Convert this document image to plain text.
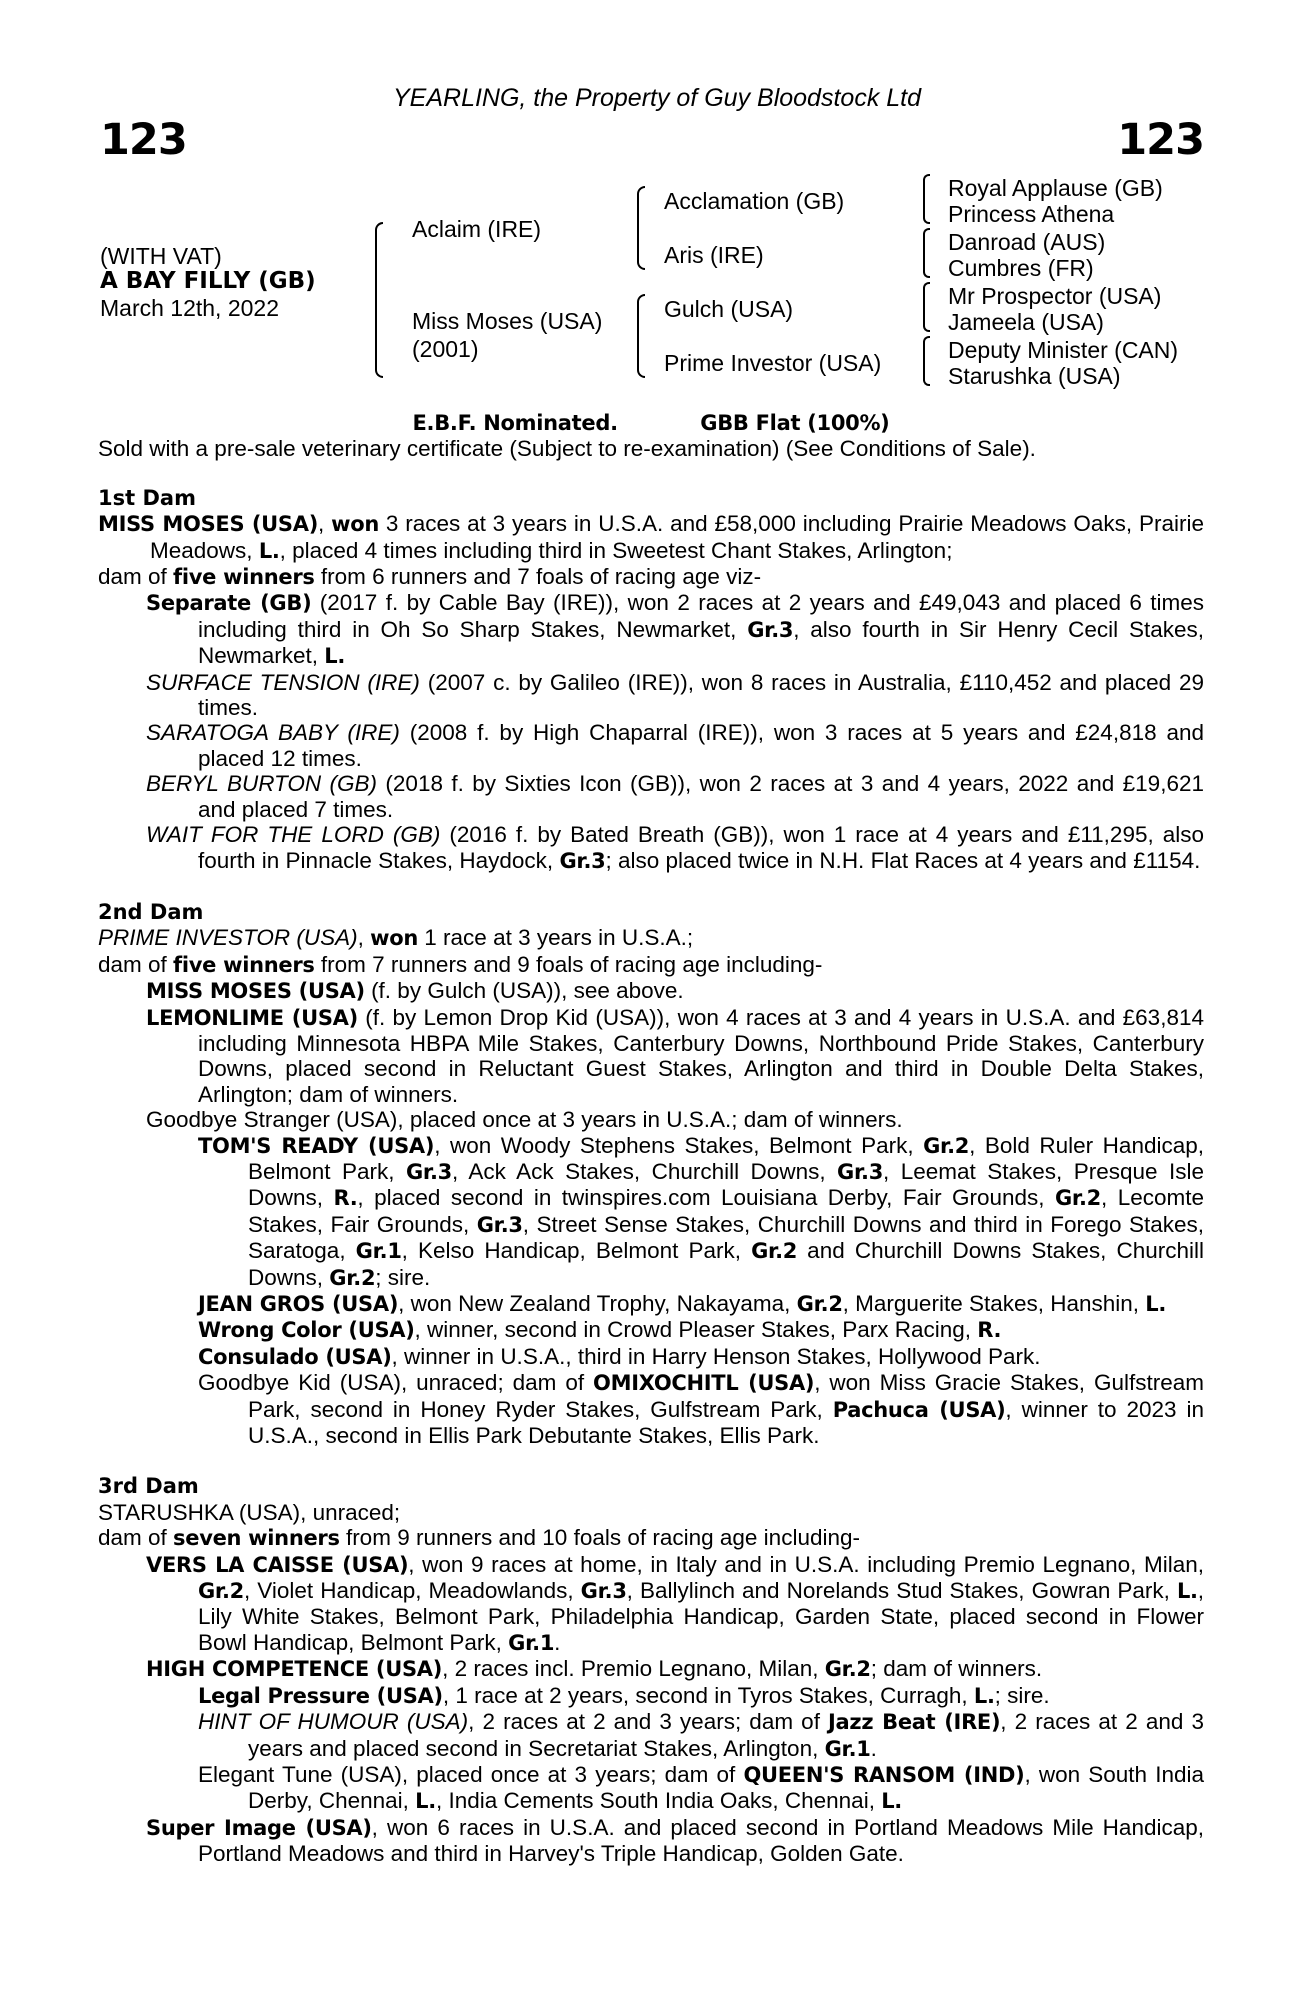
YEARLING, the Property of Guy Bloodstock Ltd
123	123
(WITH VAT)
A BAY FILLY (GB)
March 12th, 2022
Aclaim (IRE)
Miss Moses (USA)
(2001)
Acclamation (GB)
Aris (IRE)
Gulch (USA)
Prime Investor (USA)
Royal Applause (GB)
Princess Athena
Danroad (AUS)
Cumbres (FR)
Mr Prospector (USA)
Jameela (USA)
Deputy Minister (CAN)
Starushka (USA)
E.B.F. Nominated.	GBB Flat (100%)
Sold with a pre-sale veterinary certificate (Subject to re-examination) (See Conditions of Sale).
1st Dam
MISS MOSES (USA), won 3 races at 3 years in U.S.A. and £58,000 including Prairie Meadows Oaks, Prairie Meadows, L., placed 4 times including third in Sweetest Chant Stakes, Arlington;
dam of five winners from 6 runners and 7 foals of racing age viz-
Separate (GB) (2017 f. by Cable Bay (IRE)), won 2 races at 2 years and £49,043 and placed 6 times including third in Oh So Sharp Stakes, Newmarket, Gr.3, also fourth in Sir Henry Cecil Stakes, Newmarket, L.
SURFACE TENSION (IRE) (2007 c. by Galileo (IRE)), won 8 races in Australia, £110,452 and placed 29 times.
SARATOGA BABY (IRE) (2008 f. by High Chaparral (IRE)), won 3 races at 5 years and £24,818 and placed 12 times.
BERYL BURTON (GB) (2018 f. by Sixties Icon (GB)), won 2 races at 3 and 4 years, 2022 and £19,621 and placed 7 times.
WAIT FOR THE LORD (GB) (2016 f. by Bated Breath (GB)), won 1 race at 4 years and £11,295, also fourth in Pinnacle Stakes, Haydock, Gr.3; also placed twice in N.H. Flat Races at 4 years and £1154.
2nd Dam
PRIME INVESTOR (USA), won 1 race at 3 years in U.S.A.;
dam of five winners from 7 runners and 9 foals of racing age including-
MISS MOSES (USA) (f. by Gulch (USA)), see above.
LEMONLIME (USA) (f. by Lemon Drop Kid (USA)), won 4 races at 3 and 4 years in U.S.A. and £63,814 including Minnesota HBPA Mile Stakes, Canterbury Downs, Northbound Pride Stakes, Canterbury Downs, placed second in Reluctant Guest Stakes, Arlington and third in Double Delta Stakes, Arlington; dam of winners.
Goodbye Stranger (USA), placed once at 3 years in U.S.A.; dam of winners.
TOM'S READY (USA), won Woody Stephens Stakes, Belmont Park, Gr.2, Bold Ruler Handicap, Belmont Park, Gr.3, Ack Ack Stakes, Churchill Downs, Gr.3, Leemat Stakes, Presque Isle Downs, R., placed second in twinspires.com Louisiana Derby, Fair Grounds, Gr.2, Lecomte Stakes, Fair Grounds, Gr.3, Street Sense Stakes, Churchill Downs and third in Forego Stakes, Saratoga, Gr.1, Kelso Handicap, Belmont Park, Gr.2 and Churchill Downs Stakes, Churchill Downs, Gr.2; sire.
JEAN GROS (USA), won New Zealand Trophy, Nakayama, Gr.2, Marguerite Stakes, Hanshin, L.
Wrong Color (USA), winner, second in Crowd Pleaser Stakes, Parx Racing, R.
Consulado (USA), winner in U.S.A., third in Harry Henson Stakes, Hollywood Park.
Goodbye Kid (USA), unraced; dam of OMIXOCHITL (USA), won Miss Gracie Stakes, Gulfstream Park, second in Honey Ryder Stakes, Gulfstream Park, Pachuca (USA), winner to 2023 in U.S.A., second in Ellis Park Debutante Stakes, Ellis Park.
3rd Dam
STARUSHKA (USA), unraced;
dam of seven winners from 9 runners and 10 foals of racing age including-
VERS LA CAISSE (USA), won 9 races at home, in Italy and in U.S.A. including Premio Legnano, Milan, Gr.2, Violet Handicap, Meadowlands, Gr.3, Ballylinch and Norelands Stud Stakes, Gowran Park, L., Lily White Stakes, Belmont Park, Philadelphia Handicap, Garden State, placed second in Flower Bowl Handicap, Belmont Park, Gr.1.
HIGH COMPETENCE (USA), 2 races incl. Premio Legnano, Milan, Gr.2; dam of winners.
Legal Pressure (USA), 1 race at 2 years, second in Tyros Stakes, Curragh, L.; sire.
HINT OF HUMOUR (USA), 2 races at 2 and 3 years; dam of Jazz Beat (IRE), 2 races at 2 and 3 years and placed second in Secretariat Stakes, Arlington, Gr.1.
Elegant Tune (USA), placed once at 3 years; dam of QUEEN'S RANSOM (IND), won South India Derby, Chennai, L., India Cements South India Oaks, Chennai, L.
Super Image (USA), won 6 races in U.S.A. and placed second in Portland Meadows Mile Handicap, Portland Meadows and third in Harvey's Triple Handicap, Golden Gate.
